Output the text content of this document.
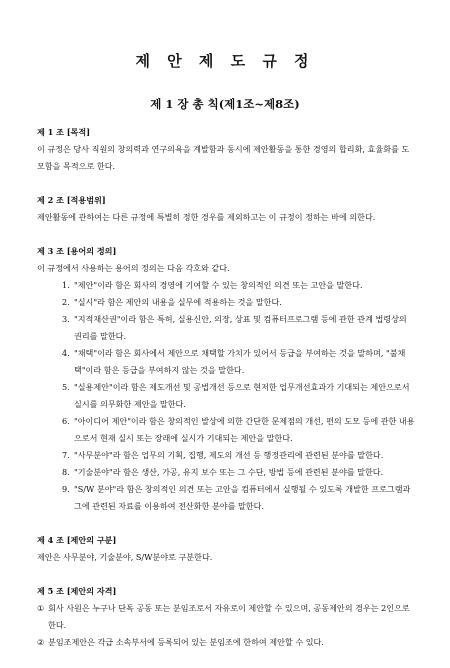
제 안 제 도 규 정
제 1 장 총 칙(제1조~제8조)
제 1 조 [목적]
이 규정은 당사 직원의 창의력과 연구의욕을 계발함과 동시에 제안활동을 통한 경영의 합리화, 효율화를 도모함을 목적으로 한다.
제 2 조 [적용범위]
제안활동에 관하여는 다른 규정에 특별히 정한 경우를 제외하고는 이 규정이 정하는 바에 의한다.
제 3 조 [용어의 정의]
이 규정에서 사용하는 용어의 정의는 다음 각호와 같다.
1. "제안"이라 함은 회사의 경영에 기여할 수 있는 창의적인 의견 또는 고안을 말한다.
2. "실시"라 함은 제안의 내용을 실무에 적용하는 것을 말한다.
3. "지적재산권"이라 함은 특허, 실용신안, 의장, 상표 및 컴퓨터프로그램 등에 관한 관계 법령상의 권리를 말한다.
4. "채택"이라 함은 회사에서 제안으로 채택할 가치가 있어서 등급을 부여하는 것을 말하며, "불채택"이라 함은 등급을 부여하지 않는 것을 말한다.
5. "실용제안"이라 함은 제도개선 및 공법개선 등으로 현저한 업무개선효과가 기대되는 제안으로서 실시를 의무화한 제안을 말한다.
6. "아이디어 제안"이라 함은 창의적인 발상에 의한 간단한 문제점의 개선, 편의 도모 등에 관한 내용으로서 현재 실시 또는 장래에 실시가 기대되는 제안을 말한다.
7. "사무분야"라 함은 업무의 기획, 집행, 제도의 개선 등 행정관리에 관련된 분야를 말한다.
8. "기술분야"라 함은 생산, 가공, 유지 보수 또는 그 수단, 방법 등에 관련된 분야를 말한다.
9. "S/W 분야"라 함은 창의적인 의견 또는 고안을 컴퓨터에서 실행될 수 있도록 개발한 프로그램과 그에 관련된 자료를 이용하여 전산화한 분야를 말한다.
제 4 조 [제안의 구분]
제안은 사무분야, 기술분야, S/W분야로 구분한다.
제 5 조 [제안의 자격]
① 회사 사원은 누구나 단독 공동 또는 분임조로서 자유로이 제안할 수 있으며, 공동제안의 경우는 2인으로 한다.
② 분임조제안은 각급 소속부서에 등록되어 있는 분임조에 한하여 제안할 수 있다.
